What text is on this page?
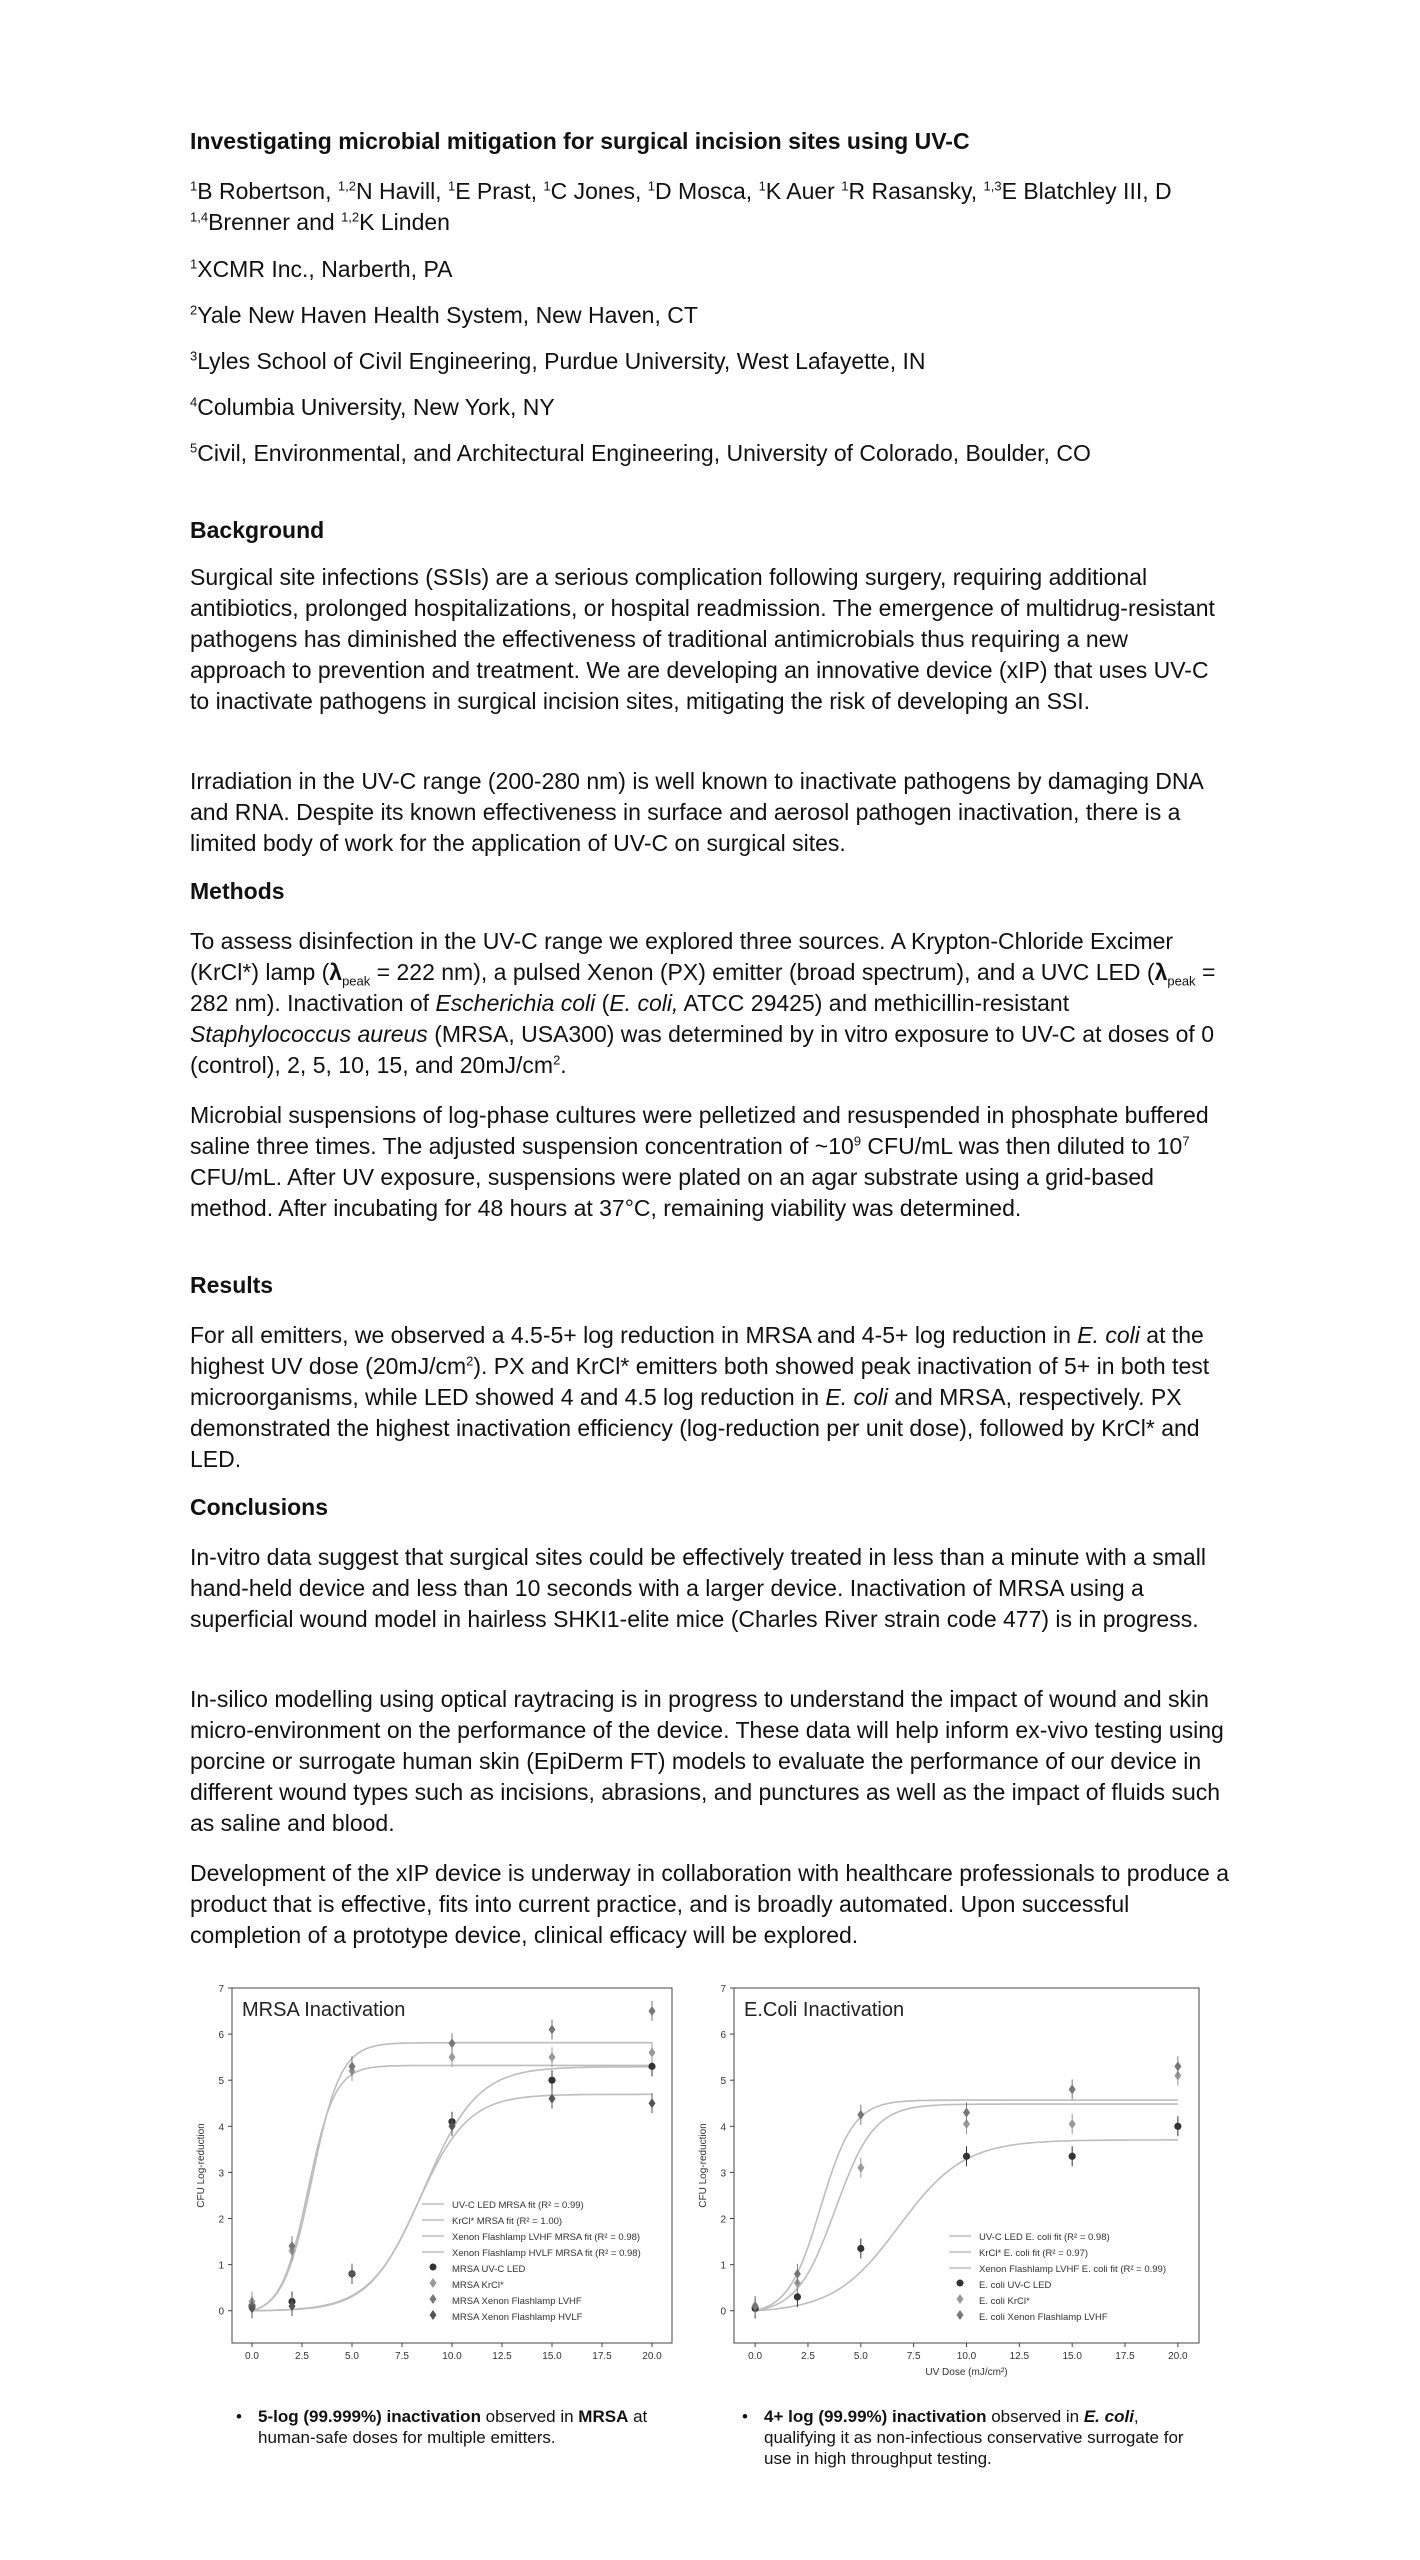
Investigating microbial mitigation for surgical incision sites using UV-C

$^1$B Robertson, $^{1,2}$N Havill, $^1$E Prast, $^1$C Jones, $^1$D Mosca, $^1$K Auer $^1$R Rasansky, $^{1,3}$E Blatchley III, D $^{1,4}$Brenner and $^{1,2}$K Linden

$^1$XCMR Inc., Narberth, PA

$^2$Yale New Haven Health System, New Haven, CT

$^3$Lyles School of Civil Engineering, Purdue University, West Lafayette, IN

$^4$Columbia University, New York, NY

$^5$Civil, Environmental, and Architectural Engineering, University of Colorado, Boulder, CO

Background

Surgical site infections (SSIs) are a serious complication following surgery, requiring additional antibiotics, prolonged hospitalizations, or hospital readmission. The emergence of multidrug-resistant pathogens has diminished the effectiveness of traditional antimicrobials thus requiring a new approach to prevention and treatment. We are developing an innovative device (xIP) that uses UV-C to inactivate pathogens in surgical incision sites, mitigating the risk of developing an SSI.

Irradiation in the UV-C range (200-280 nm) is well known to inactivate pathogens by damaging DNA and RNA. Despite its known effectiveness in surface and aerosol pathogen inactivation, there is a limited body of work for the application of UV-C on surgical sites.

Methods

To assess disinfection in the UV-C range we explored three sources. A Krypton-Chloride Excimer (KrCl*) lamp ($\lambda_{peak} = 222$ nm), a pulsed Xenon (PX) emitter (broad spectrum), and a UVC LED ($\lambda_{peak} = 282$ nm). Inactivation of Escherichia coli (E. coli, ATCC 29425) and methicillin-resistant Staphylococcus aureus (MRSA, USA300) was determined by in vitro exposure to UV-C at doses of 0 (control), 2, 5, 10, 15, and $20mJ/cm^2$.

Microbial suspensions of log-phase cultures were pelletized and resuspended in phosphate buffered saline three times. The adjusted suspension concentration of $\sim 10^9$ CFU/mL was then diluted to $10^7$ CFU/mL. After UV exposure, suspensions were plated on an agar substrate using a grid-based method. After incubating for 48 hours at 37°C, remaining viability was determined.

Results

For all emitters, we observed a 4.5-5+ log reduction in MRSA and 4-5+ log reduction in E. coli at the highest UV dose $(20mJ/cm^2)$. PX and KrCl* emitters both showed peak inactivation of 5+ in both test microorganisms, while LED showed 4 and 4.5 log reduction in E. coli and MRSA, respectively. PX demonstrated the highest inactivation efficiency (log-reduction per unit dose), followed by KrCl* and LED.

Conclusions

In-vitro data suggest that surgical sites could be effectively treated in less than a minute with a small hand-held device and less than 10 seconds with a larger device. Inactivation of MRSA using a superficial wound model in hairless SHKI1-elite mice (Charles River strain code 477) is in progress.

In-silico modelling using optical raytracing is in progress to understand the impact of wound and skin micro-environment on the performance of the device. These data will help inform ex-vivo testing using porcine or surrogate human skin (EpiDerm FT) models to evaluate the performance of our device in different wound types such as incisions, abrasions, and punctures as well as the impact of fluids such as saline and blood.

Development of the xIP device is underway in collaboration with healthcare professionals to produce a product that is effective, fits into current practice, and is broadly automated. Upon successful completion of a prototype device, clinical efficacy will be explored.

MRSA Inactivation
0.0	2.5	5.0	7.5	10.0	12.5	15.0	17.5	20.0
0
1
2
3
4
5
6
7
CFU Log-reduction	UV-C LED MRSA fit (R² = 0.99)
KrCl* MRSA fit (R² = 1.00)
Xenon Flashlamp LVHF MRSA fit (R² = 0.98)
Xenon Flashlamp HVLF MRSA fit (R² = 0.98)
MRSA UV-C LED
MRSA KrCl*
MRSA Xenon Flashlamp LVHF
MRSA Xenon Flashlamp HVLF
E.Coli Inactivation
0.0	2.5	5.0	7.5	10.0	12.5	15.0	17.5	20.0
0
1
2
3
4
5
6
7
CFU Log-reduction
UV Dose (mJ/cm²)
UV-C LED E. coli fit (R² = 0.98)
KrCl* E. coli fit (R² = 0.97)
Xenon Flashlamp LVHF E. coli fit (R² = 0.99)
E. coli UV-C LED
E. coli KrCl*
E. coli Xenon Flashlamp LVHF
• 5-log (99.999%) inactivation observed in MRSA at human-safe doses for multiple emitters.
• 4+ log (99.99%) inactivation observed in E. coli, qualifying it as non-infectious conservative surrogate for use in high throughput testing.
